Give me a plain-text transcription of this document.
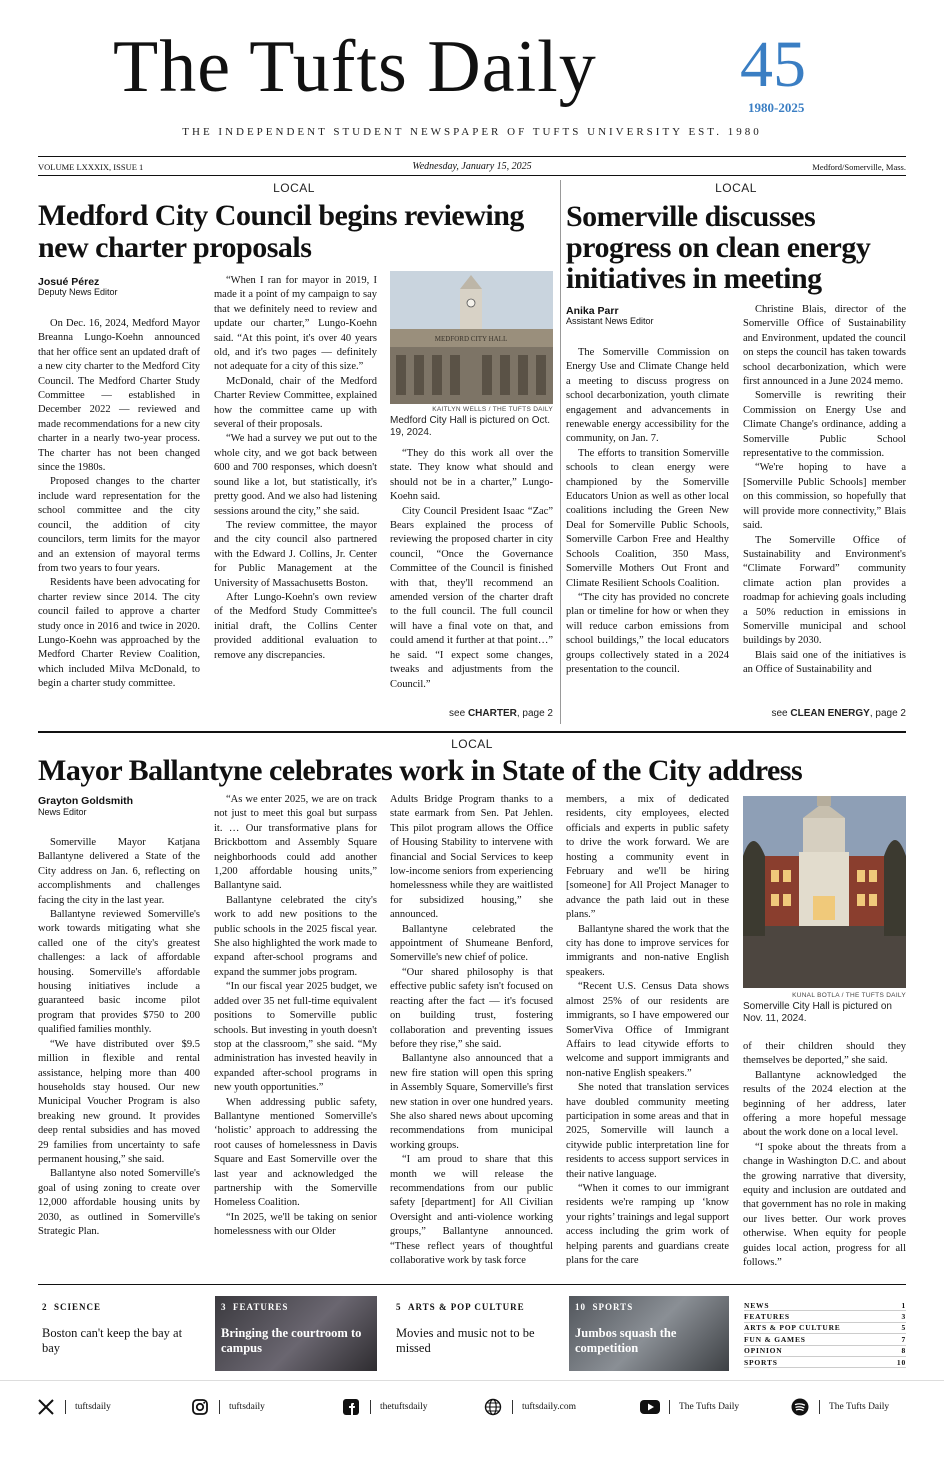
The Tufts Daily 45
1980-2025
THE INDEPENDENT STUDENT NEWSPAPER OF TUFTS UNIVERSITY EST. 1980
VOLUME LXXXIX, ISSUE 1	Wednesday, January 15, 2025	Medford/Somerville, Mass.
LOCAL
Medford City Council begins reviewing new charter proposals
Josué Pérez
Deputy News Editor

On Dec. 16, 2024, Medford Mayor Breanna Lungo-Koehn announced that her office sent an updated draft of a new city charter to the Medford City Council. The Medford Charter Study Committee — established in December 2022 — reviewed and made recommendations for a new city charter in a nearly two-year process. The charter has not been changed since the 1980s.

Proposed changes to the charter include ward representation for the school committee and the city council, the addition of city councilors, term limits for the mayor and an extension of mayoral terms from two years to four years.

Residents have been advocating for charter review since 2014. The city council failed to approve a charter study once in 2016 and twice in 2020. Lungo-Koehn was approached by the Medford Charter Review Coalition, which included Milva McDonald, to begin a charter study committee.

“When I ran for mayor in 2019, I made it a point of my campaign to say that we definitely need to review and update our charter,” Lungo-Koehn said. “At this point, it's over 40 years old, and it's two pages — definitely not adequate for a city of this size.”

McDonald, chair of the Medford Charter Review Committee, explained how the committee came up with several of their proposals.

“We had a survey we put out to the whole city, and we got back between 600 and 700 responses, which doesn't sound like a lot, but statistically, it's pretty good. And we also had listening sessions around the city,” she said.

The review committee, the mayor and the city council also partnered with the Edward J. Collins, Jr. Center for Public Management at the University of Massachusetts Boston.

After Lungo-Koehn's own review of the Medford Study Committee's initial draft, the Collins Center provided additional evaluation to remove any discrepancies.

MEDFORD CITY HALL
KAITLYN WELLS / THE TUFTS DAILY
Medford City Hall is pictured on Oct. 19, 2024.

“They do this work all over the state. They know what should and should not be in a charter,” Lungo-Koehn said.

City Council President Isaac “Zac” Bears explained the process of reviewing the proposed charter in city council, “Once the Governance Committee of the Council is finished with that, they'll recommend an amended version of the charter draft to the full council. The full council will have a final vote on that, and could amend it further at that point…” he said. “I expect some changes, tweaks and adjustments from the Council.”

see CHARTER, page 2
LOCAL
Somerville discusses progress on clean energy initiatives in meeting
Anika Parr
Assistant News Editor

The Somerville Commission on Energy Use and Climate Change held a meeting to discuss progress on school decarbonization, youth climate engagement and advancements in renewable energy accessibility for the community, on Jan. 7.

The efforts to transition Somerville schools to clean energy were championed by the Somerville Educators Union as well as other local coalitions including the Green New Deal for Somerville Public Schools, Somerville Carbon Free and Healthy Schools Coalition, 350 Mass, Somerville Mothers Out Front and Climate Resilient Schools Coalition.

“The city has provided no concrete plan or timeline for how or when they will reduce carbon emissions from school buildings,” the local educators groups collectively stated in a 2024 presentation to the council.

Christine Blais, director of the Somerville Office of Sustainability and Environment, updated the council on steps the council has taken towards school decarbonization, which were first announced in a June 2024 memo.

Somerville is rewriting their Commission on Energy Use and Climate Change's ordinance, adding a Somerville Public School representative to the commission.

“We're hoping to have a [Somerville Public Schools] member on this commission, so hopefully that will provide more connectivity,” Blais said.

The Somerville Office of Sustainability and Environment's “Climate Forward” community climate action plan provides a roadmap for achieving goals including a 50% reduction in emissions in Somerville municipal and school buildings by 2030.

Blais said one of the initiatives is an Office of Sustainability and

see CLEAN ENERGY, page 2
LOCAL
Mayor Ballantyne celebrates work in State of the City address
Grayton Goldsmith
News Editor

Somerville Mayor Katjana Ballantyne delivered a State of the City address on Jan. 6, reflecting on accomplishments and challenges facing the city in the last year.

Ballantyne reviewed Somerville's work towards mitigating what she called one of the city's greatest challenges: a lack of affordable housing. Somerville's affordable housing initiatives include a guaranteed basic income pilot program that provides $750 to 200 qualified families monthly.

“We have distributed over $9.5 million in flexible and rental assistance, helping more than 400 households stay housed. Our new Municipal Voucher Program is also breaking new ground. It provides deep rental subsidies and has moved 29 families from uncertainty to safe permanent housing,” she said.

Ballantyne also noted Somerville's goal of using zoning to create over 12,000 affordable housing units by 2030, as outlined in Somerville's Strategic Plan.

“As we enter 2025, we are on track not just to meet this goal but surpass it. … Our transformative plans for Brickbottom and Assembly Square neighborhoods could add another 1,200 affordable housing units,” Ballantyne said.

Ballantyne celebrated the city's work to add new positions to the public schools in the 2025 fiscal year. She also highlighted the work made to expand after-school programs and expand the summer jobs program.

“In our fiscal year 2025 budget, we added over 35 net full-time equivalent positions to Somerville public schools. But investing in youth doesn't stop at the classroom,” she said. “My administration has invested heavily in expanded after-school programs in new youth opportunities.”

When addressing public safety, Ballantyne mentioned Somerville's ‘holistic’ approach to addressing the root causes of homelessness in Davis Square and East Somerville over the last year and acknowledged the partnership with the Somerville Homeless Coalition.

“In 2025, we'll be taking on senior homelessness with our Older

Adults Bridge Program thanks to a state earmark from Sen. Pat Jehlen. This pilot program allows the Office of Housing Stability to intervene with financial and Social Services to keep low-income seniors from experiencing homelessness while they are waitlisted for subsidized housing,” she announced.

Ballantyne celebrated the appointment of Shumeane Benford, Somerville's new chief of police.

“Our shared philosophy is that effective public safety isn't focused on reacting after the fact — it's focused on building trust, fostering collaboration and preventing issues before they rise,” she said.

Ballantyne also announced that a new fire station will open this spring in Assembly Square, Somerville's first new station in over one hundred years. She also shared news about upcoming recommendations from municipal working groups.

“I am proud to share that this month we will release the recommendations from our public safety [department] for All Civilian Oversight and anti-violence working groups,” Ballantyne announced. “These reflect years of thoughtful collaborative work by task force

members, a mix of dedicated residents, city employees, elected officials and experts in public safety to drive the work forward. We are hosting a community event in February and we'll be hiring [someone] for All Project Manager to advance the path laid out in these plans.”

Ballantyne shared the work that the city has done to improve services for immigrants and non-native English speakers.

“Recent U.S. Census Data shows almost 25% of our residents are immigrants, so I have empowered our SomerViva Office of Immigrant Affairs to lead citywide efforts to welcome and support immigrants and non-native English speakers.”

She noted that translation services have doubled community meeting participation in some areas and that in 2025, Somerville will launch a citywide public interpretation line for residents to access support services in their native language.

“When it comes to our immigrant residents we're ramping up ‘know your rights’ trainings and legal support access including the grim work of helping parents and guardians create plans for the care

KUNAL BOTLA / THE TUFTS DAILY
Somerville City Hall is pictured on Nov. 11, 2024.

of their children should they themselves be deported,” she said.

Ballantyne acknowledged the results of the 2024 election at the beginning of her address, later offering a more hopeful message about the work done on a local level.

“I spoke about the threats from a change in Washington D.C. and about the growing narrative that diversity, equity and inclusion are outdated and that government has no role in making our lives better. Our work proves otherwise. When equity for people guides local action, progress for all follows.”

2 SCIENCE
Boston can't keep the bay at bay
3 FEATURES
Bringing the courtroom to campus
5 ARTS & POP CULTURE
Movies and music not to be missed
10 SPORTS
Jumbos squash the competition
NEWS	1
FEATURES	3
ARTS & POP CULTURE	5
FUN & GAMES	7
OPINION	8
SPORTS	10
tuftsdaily	tuftsdaily	thetuftsdaily	tuftsdaily.com	The Tufts Daily	The Tufts Daily
